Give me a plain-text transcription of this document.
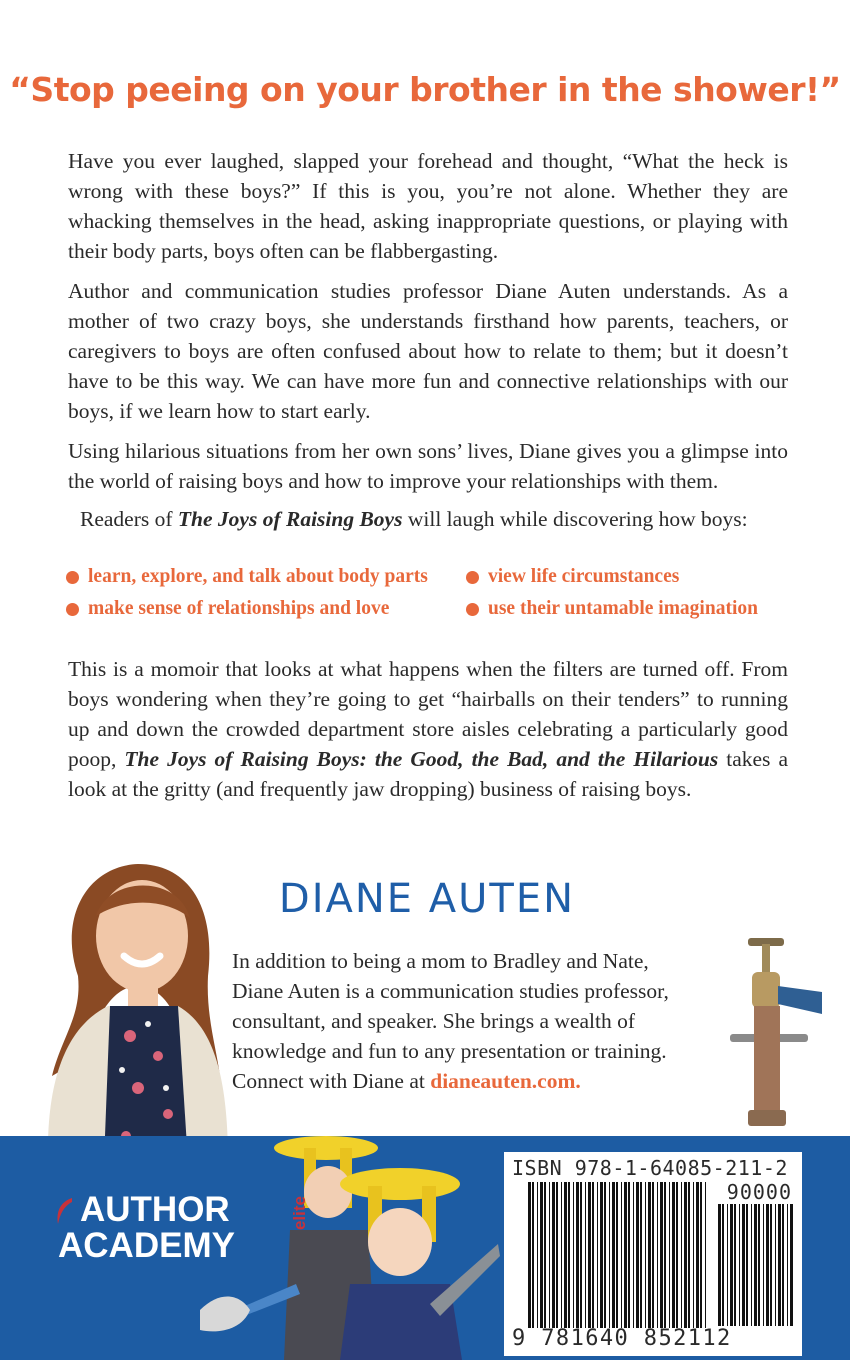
“Stop peeing on your brother in the shower!”

Have you ever laughed, slapped your forehead and thought, “What the heck is wrong with these boys?” If this is you, you’re not alone. Whether they are whacking themselves in the head, asking inappropriate questions, or playing with their body parts, boys often can be flabbergasting.

Author and communication studies professor Diane Auten understands. As a mother of two crazy boys, she understands firsthand how parents, teachers, or caregivers to boys are often confused about how to relate to them; but it doesn’t have to be this way. We can have more fun and connective relationships with our boys, if we learn how to start early.

Using hilarious situations from her own sons’ lives, Diane gives you a glimpse into the world of raising boys and how to improve your relationships with them.

Readers of The Joys of Raising Boys will laugh while discovering how boys:
learn, explore, and talk about body parts	view life circumstances
make sense of relationships and love	use their untamable imagination

This is a momoir that looks at what happens when the filters are turned off. From boys wondering when they’re going to get “hairballs on their tenders” to running up and down the crowded department store aisles celebrating a particularly good poop, The Joys of Raising Boys: the Good, the Bad, and the Hilarious takes a look at the gritty (and frequently jaw dropping) business of raising boys.

DIANE AUTEN

In addition to being a mom to Bradley and Nate, Diane Auten is a communication studies professor, consultant, and speaker. She brings a wealth of knowledge and fun to any presentation or training. Connect with Diane at dianeauten.com.

AUTHOR
ACADEMY
elite
ISBN 978-1-64085-211-2
90000
9 781640 852112
